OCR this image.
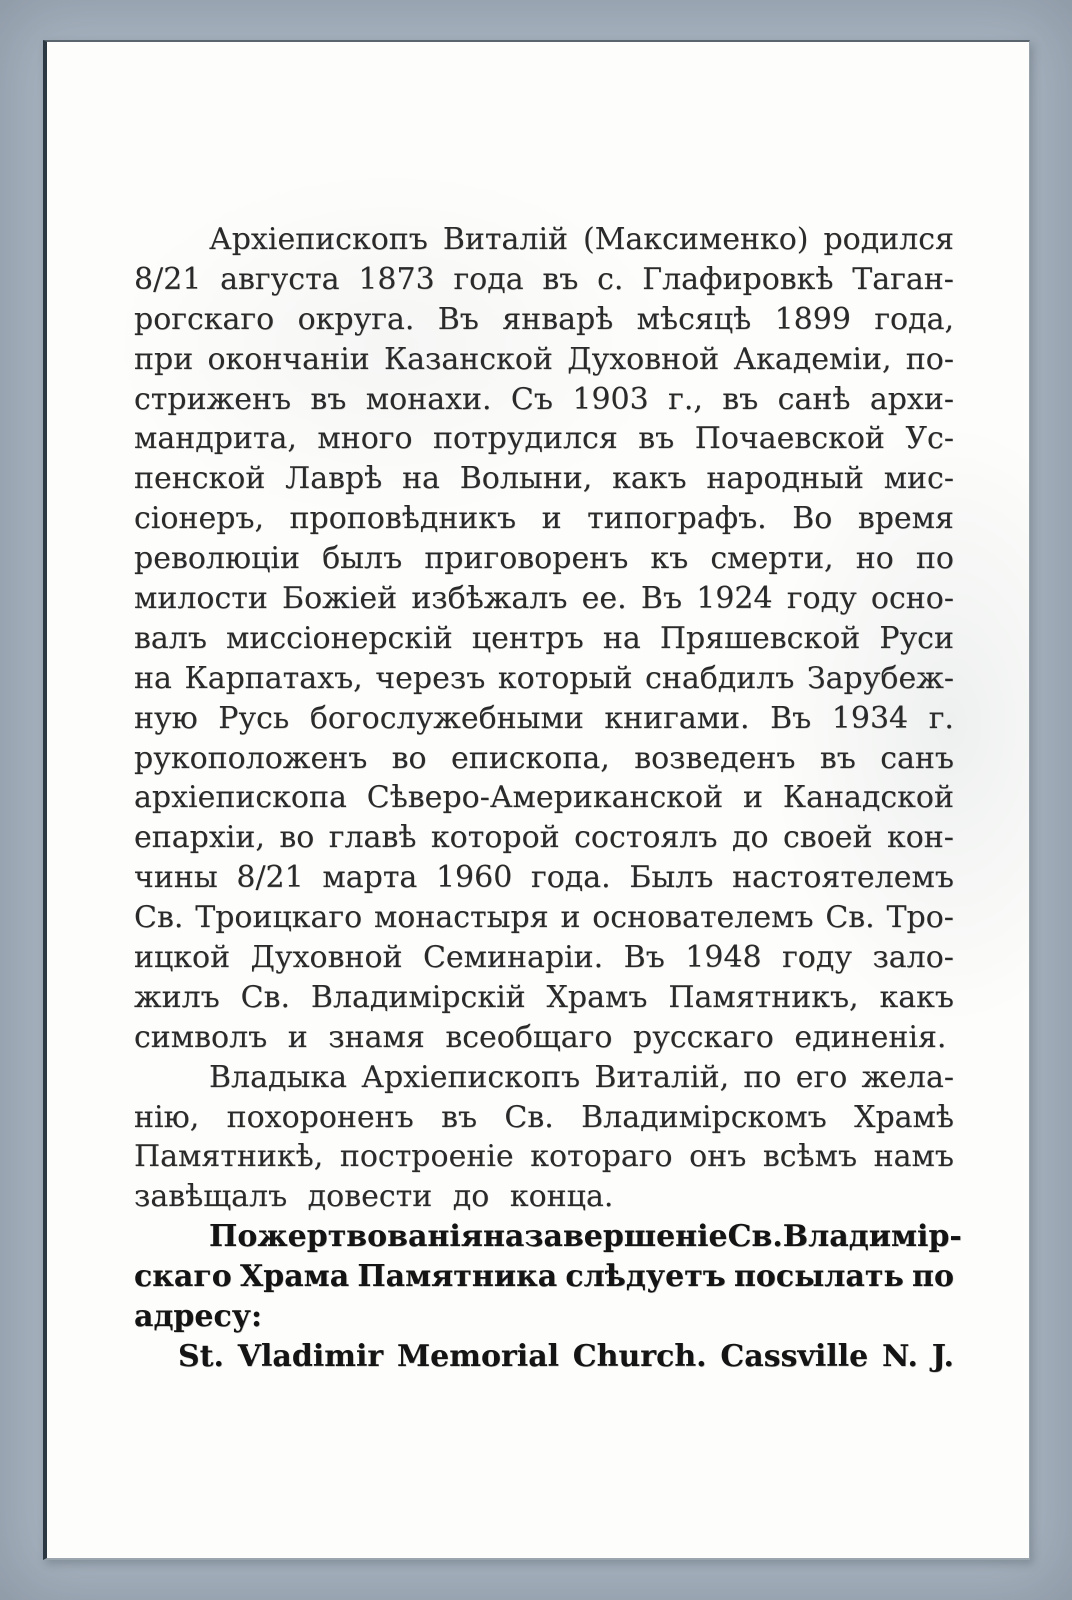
Архіепископъ Виталій (Максименко) родился
8/21 августа 1873 года въ с. Глафировкѣ Таган-
рогскаго округа. Въ январѣ мѣсяцѣ 1899 года,
при окончаніи Казанской Духовной Академіи, по-
стриженъ въ монахи. Съ 1903 г., въ санѣ архи-
мандрита, много потрудился въ Почаевской Ус-
пенской Лаврѣ на Волыни, какъ народный мис-
сіонеръ, проповѣдникъ и типографъ. Во время
революціи былъ приговоренъ къ смерти, но по
милости Божіей избѣжалъ ее. Въ 1924 году осно-
валъ миссіонерскій центръ на Пряшевской Руси
на Карпатахъ, черезъ который снабдилъ Зарубеж-
ную Русь богослужебными книгами. Въ 1934 г.
рукоположенъ во епископа, возведенъ въ санъ
архіепископа Сѣверо-Американской и Канадской
епархіи, во главѣ которой состоялъ до своей кон-
чины 8/21 марта 1960 года. Былъ настоятелемъ
Св. Троицкаго монастыря и основателемъ Св. Тро-
ицкой Духовной Семинаріи. Въ 1948 году зало-
жилъ Св. Владимірскій Храмъ Памятникъ, какъ
символъ и знамя всеобщаго русскаго единенія.
Владыка Архіепископъ Виталій, по его жела-
нію, похороненъ въ Св. Владимірскомъ Храмѣ
Памятникѣ, построеніе котораго онъ всѣмъ намъ
завѣщалъ довести до конца.
Пожертвованія на завершеніе Св. Владимір-
скаго Храма Памятника слѣдуетъ посылать по
адресу:
St. Vladimir Memorial Church. Cassville N. J.
